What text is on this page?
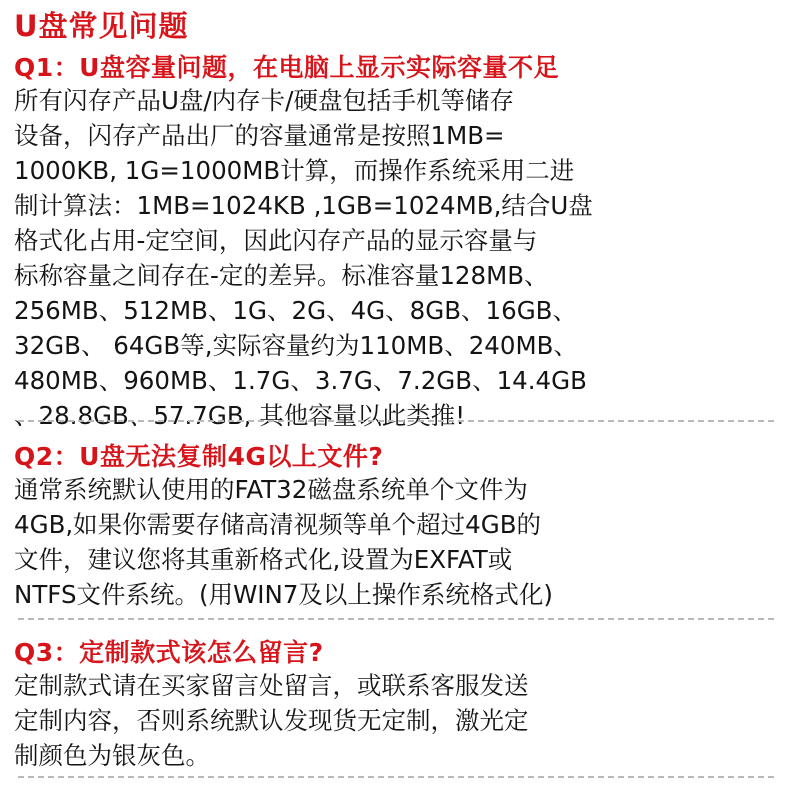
U盘常见问题
Q1：U盘容量问题，在电脑上显示实际容量不足
所有闪存产品U盘/内存卡/硬盘包括手机等储存
设备，闪存产品出厂的容量通常是按照1MB=
1000KB, 1G=1000MB计算，而操作系统采用二进
制计算法：1MB=1024KB ,1GB=1024MB,结合U盘
格式化占用-定空间，因此闪存产品的显示容量与
标称容量之间存在-定的差异。标准容量128MB、
256MB、512MB、1G、2G、4G、8GB、16GB、
32GB、 64GB等,实际容量约为110MB、240MB、
480MB、960MB、1.7G、3.7G、7.2GB、14.4GB
、28.8GB、57.7GB, 其他容量以此类推!
Q2：U盘无法复制4G以上文件?
通常系统默认使用的FAT32磁盘系统单个文件为
4GB,如果你需要存储高清视频等单个超过4GB的
文件，建议您将其重新格式化,设置为EXFAT或
NTFS文件系统。(用WIN7及以上操作系统格式化)
Q3：定制款式该怎么留言?
定制款式请在买家留言处留言，或联系客服发送
定制内容，否则系统默认发现货无定制，激光定
制颜色为银灰色。
